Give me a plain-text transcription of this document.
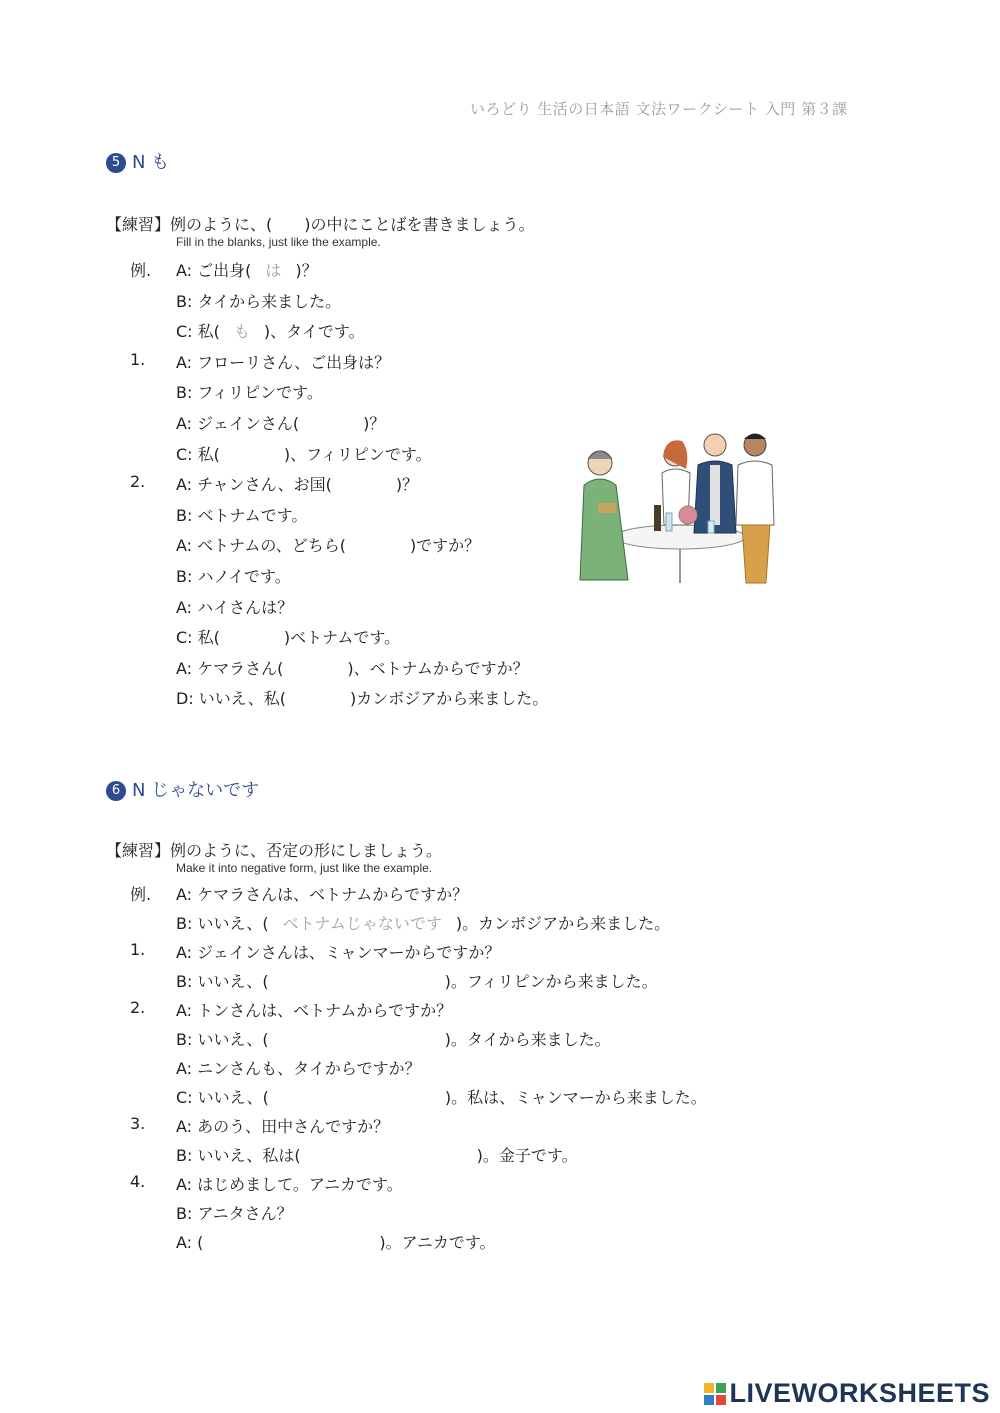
いろどり 生活の日本語 文法ワークシート 入門 第３課
5 N も
【練習】例のように、(　　)の中にことばを書きましょう。
Fill in the blanks, just like the example.
例. A: ご出身( は )？
B: タイから来ました。
C: 私( も )、タイです。
1. A: フローリさん、ご出身は？
B: フィリピンです。
A: ジェインさん(　　　　)？
C: 私(　　　　)、フィリピンです。
2. A: チャンさん、お国(　　　　)？
B: ベトナムです。
A: ベトナムの、どちら(　　　　)ですか？
B: ハノイです。
A: ハイさんは？
C: 私(　　　　)ベトナムです。
A: ケマラさん(　　　　)、ベトナムからですか？
D: いいえ、私(　　　　)カンボジアから来ました。
6 N じゃないです
【練習】例のように、否定の形にしましょう。
Make it into negative form, just like the example.
例. A: ケマラさんは、ベトナムからですか？
B: いいえ、( ベトナムじゃないです )。カンボジアから来ました。
1. A: ジェインさんは、ミャンマーからですか？
B: いいえ、(　　　　　　　　　　　)。フィリピンから来ました。
2. A: トンさんは、ベトナムからですか？
B: いいえ、(　　　　　　　　　　　)。タイから来ました。
A: ニンさんも、タイからですか？
C: いいえ、(　　　　　　　　　　　)。私は、ミャンマーから来ました。
3. A: あのう、田中さんですか？
B: いいえ、私は(　　　　　　　　　　　)。金子です。
4. A: はじめまして。アニカです。
B: アニタさん？
A: (　　　　　　　　　　　)。アニカです。
LIVEWORKSHEETS
